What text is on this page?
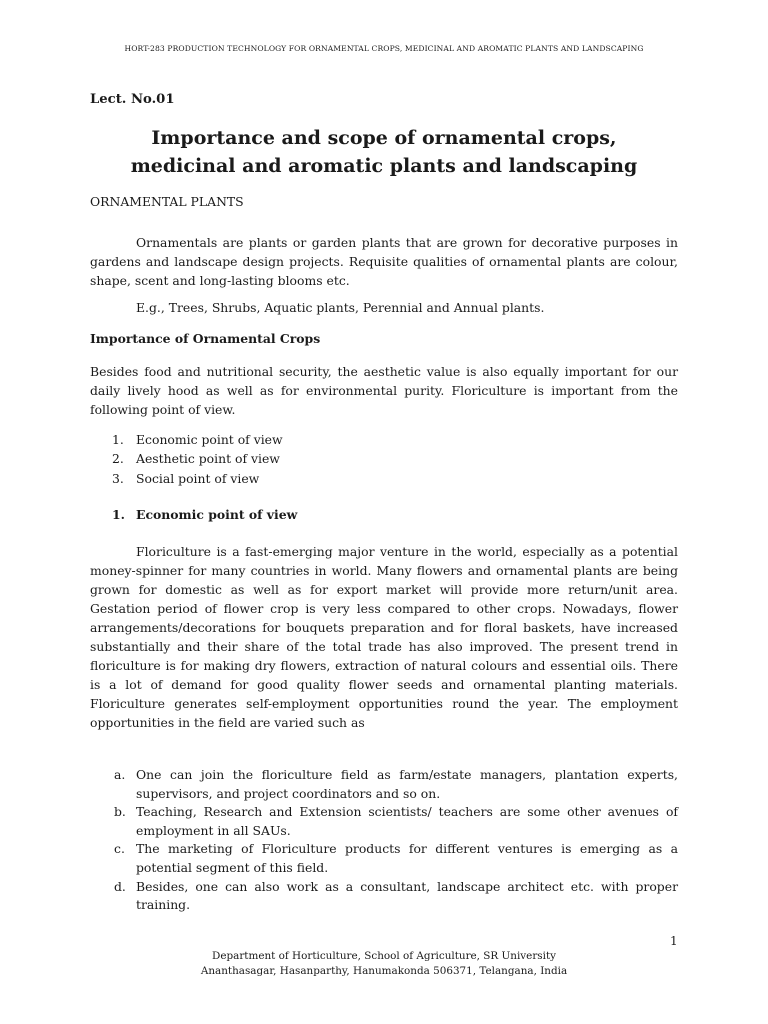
HORT-283 PRODUCTION TECHNOLOGY FOR ORNAMENTAL CROPS, MEDICINAL AND AROMATIC PLANTS AND LANDSCAPING
Lect. No.01
Importance and scope of ornamental crops,
medicinal and aromatic plants and landscaping
ORNAMENTAL PLANTS

Ornamentals are plants or garden plants that are grown for decorative purposes in gardens and landscape design projects. Requisite qualities of ornamental plants are colour, shape, scent and long-lasting blooms etc.

E.g., Trees, Shrubs, Aquatic plants, Perennial and Annual plants.

Importance of Ornamental Crops

Besides food and nutritional security, the aesthetic value is also equally important for our daily lively hood as well as for environmental purity. Floriculture is important from the following point of view.

1. Economic point of view
2. Aesthetic point of view
3. Social point of view
1. Economic point of view

Floriculture is a fast-emerging major venture in the world, especially as a potential money-spinner for many countries in world. Many flowers and ornamental plants are being grown for domestic as well as for export market will provide more return/unit area. Gestation period of flower crop is very less compared to other crops. Nowadays, flower arrangements/decorations for bouquets preparation and for floral baskets, have increased substantially and their share of the total trade has also improved. The present trend in floriculture is for making dry flowers, extraction of natural colours and essential oils. There is a lot of demand for good quality flower seeds and ornamental planting materials. Floriculture generates self-employment opportunities round the year. The employment opportunities in the field are varied such as

a. One can join the floriculture field as farm/estate managers, plantation experts, supervisors, and project coordinators and so on.
b. Teaching, Research and Extension scientists/ teachers are some other avenues of employment in all SAUs.
c. The marketing of Floriculture products for different ventures is emerging as a potential segment of this field.
d. Besides, one can also work as a consultant, landscape architect etc. with proper training.
1
Department of Horticulture, School of Agriculture, SR University
Ananthasagar, Hasanparthy, Hanumakonda 506371, Telangana, India
